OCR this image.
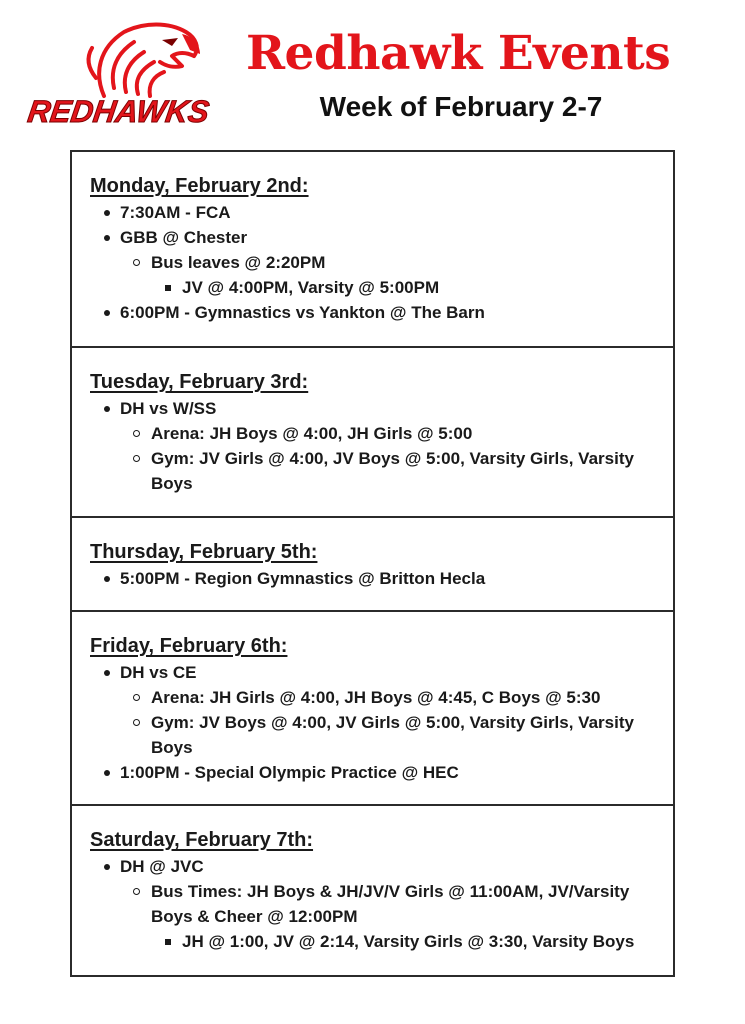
REDHAWKS
Redhawk Events
Week of February 2-7
Monday, February 2nd:
7:30AM - FCA
GBB @ Chester
Bus leaves @ 2:20PM
JV @ 4:00PM, Varsity @ 5:00PM
6:00PM - Gymnastics vs Yankton @ The Barn
Tuesday, February 3rd:
DH vs W/SS
Arena: JH Boys @ 4:00, JH Girls @ 5:00
Gym: JV Girls @ 4:00, JV Boys @ 5:00, Varsity Girls, Varsity Boys
Thursday, February 5th:
5:00PM - Region Gymnastics @ Britton Hecla
Friday, February 6th:
DH vs CE
Arena: JH Girls @ 4:00, JH Boys @ 4:45, C Boys @ 5:30
Gym: JV Boys @ 4:00, JV Girls @ 5:00, Varsity Girls, Varsity Boys
1:00PM - Special Olympic Practice @ HEC
Saturday, February 7th:
DH @ JVC
Bus Times: JH Boys & JH/JV/V Girls @ 11:00AM, JV/Varsity Boys & Cheer @ 12:00PM
JH @ 1:00, JV @ 2:14, Varsity Girls @ 3:30, Varsity Boys
